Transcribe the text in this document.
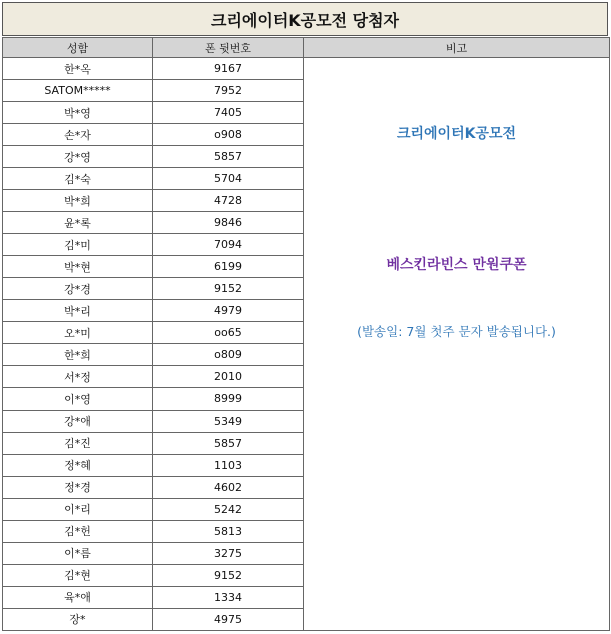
크리에이터K공모전 당첨자
성함	폰 뒷번호	비고
한*옥	9167	크리에이터K공모전
베스킨라빈스 만원쿠폰
(발송일: 7월 첫주 문자 발송됩니다.)

SATOM*****	7952	
박*영	7405	
손*자	o908	
강*영	5857	
김*숙	5704	
박*희	4728	
윤*록	9846	
김*미	7094	
박*현	6199	
강*경	9152	
박*리	4979	
오*미	oo65	
한*희	o809	
서*정	2010	
이*영	8999	
강*애	5349	
김*진	5857	
정*혜	1103	
정*경	4602	
이*리	5242	
김*헌	5813	
이*름	3275	
김*현	9152	
육*애	1334	
장*	4975	
